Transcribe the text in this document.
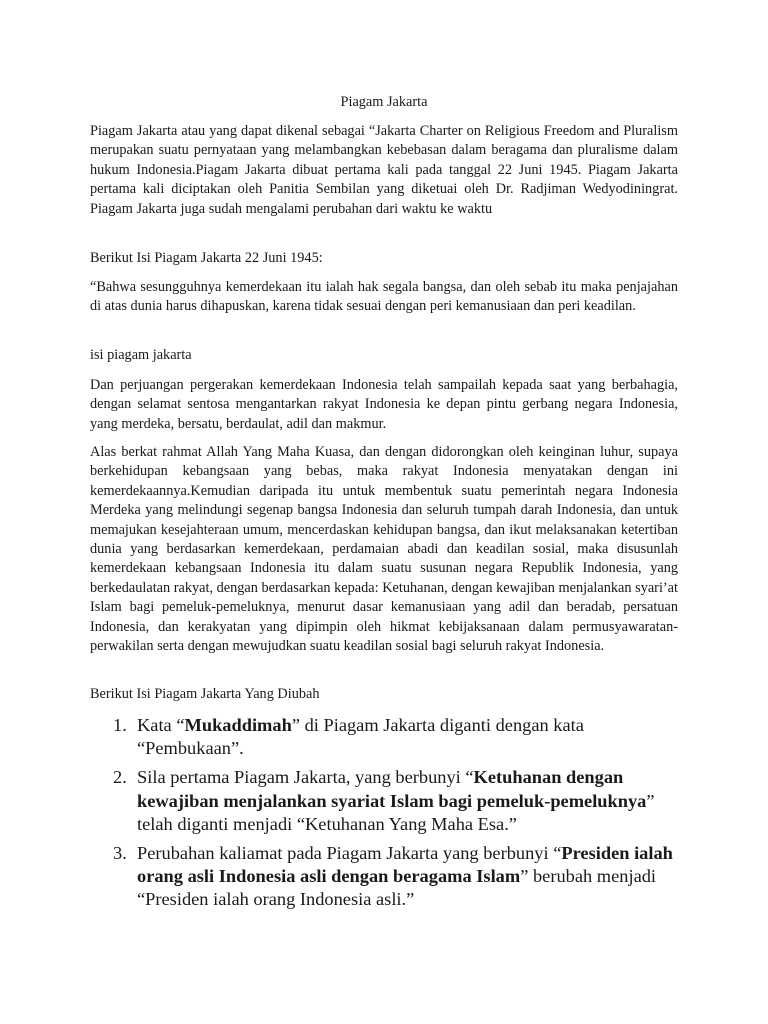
Piagam Jakarta

Piagam Jakarta atau yang dapat dikenal sebagai “Jakarta Charter on Religious Freedom and Pluralism merupakan suatu pernyataan yang melambangkan kebebasan dalam beragama dan pluralisme dalam hukum Indonesia.Piagam Jakarta dibuat pertama kali pada tanggal 22 Juni 1945. Piagam Jakarta pertama kali diciptakan oleh Panitia Sembilan yang diketuai oleh Dr. Radjiman Wedyodiningrat. Piagam Jakarta juga sudah mengalami perubahan dari waktu ke waktu

Berikut Isi Piagam Jakarta 22 Juni 1945:

“Bahwa sesungguhnya kemerdekaan itu ialah hak segala bangsa, dan oleh sebab itu maka penjajahan di atas dunia harus dihapuskan, karena tidak sesuai dengan peri kemanusiaan dan peri keadilan.

isi piagam jakarta

Dan perjuangan pergerakan kemerdekaan Indonesia telah sampailah kepada saat yang berbahagia, dengan selamat sentosa mengantarkan rakyat Indonesia ke depan pintu gerbang negara Indonesia, yang merdeka, bersatu, berdaulat, adil dan makmur.

Alas berkat rahmat Allah Yang Maha Kuasa, dan dengan didorongkan oleh keinginan luhur, supaya berkehidupan kebangsaan yang bebas, maka rakyat Indonesia menyatakan dengan ini kemerdekaannya.Kemudian daripada itu untuk membentuk suatu pemerintah negara Indonesia Merdeka yang melindungi segenap bangsa Indonesia dan seluruh tumpah darah Indonesia, dan untuk memajukan kesejahteraan umum, mencerdaskan kehidupan bangsa, dan ikut melaksanakan ketertiban dunia yang berdasarkan kemerdekaan, perdamaian abadi dan keadilan sosial, maka disusunlah kemerdekaan kebangsaan Indonesia itu dalam suatu susunan negara Republik Indonesia, yang berkedaulatan rakyat, dengan berdasarkan kepada: Ketuhanan, dengan kewajiban menjalankan syari’at Islam bagi pemeluk-pemeluknya, menurut dasar kemanusiaan yang adil dan beradab, persatuan Indonesia, dan kerakyatan yang dipimpin oleh hikmat kebijaksanaan dalam permusyawaratan-perwakilan serta dengan mewujudkan suatu keadilan sosial bagi seluruh rakyat Indonesia.

Berikut Isi Piagam Jakarta Yang Diubah

1. Kata “Mukaddimah” di Piagam Jakarta diganti dengan kata “Pembukaan”.
2. Sila pertama Piagam Jakarta, yang berbunyi “Ketuhanan dengan kewajiban menjalankan syariat Islam bagi pemeluk-pemeluknya” telah diganti menjadi “Ketuhanan Yang Maha Esa.”
3. Perubahan kaliamat pada Piagam Jakarta yang berbunyi “Presiden ialah orang asli Indonesia asli dengan beragama Islam” berubah menjadi “Presiden ialah orang Indonesia asli.”
